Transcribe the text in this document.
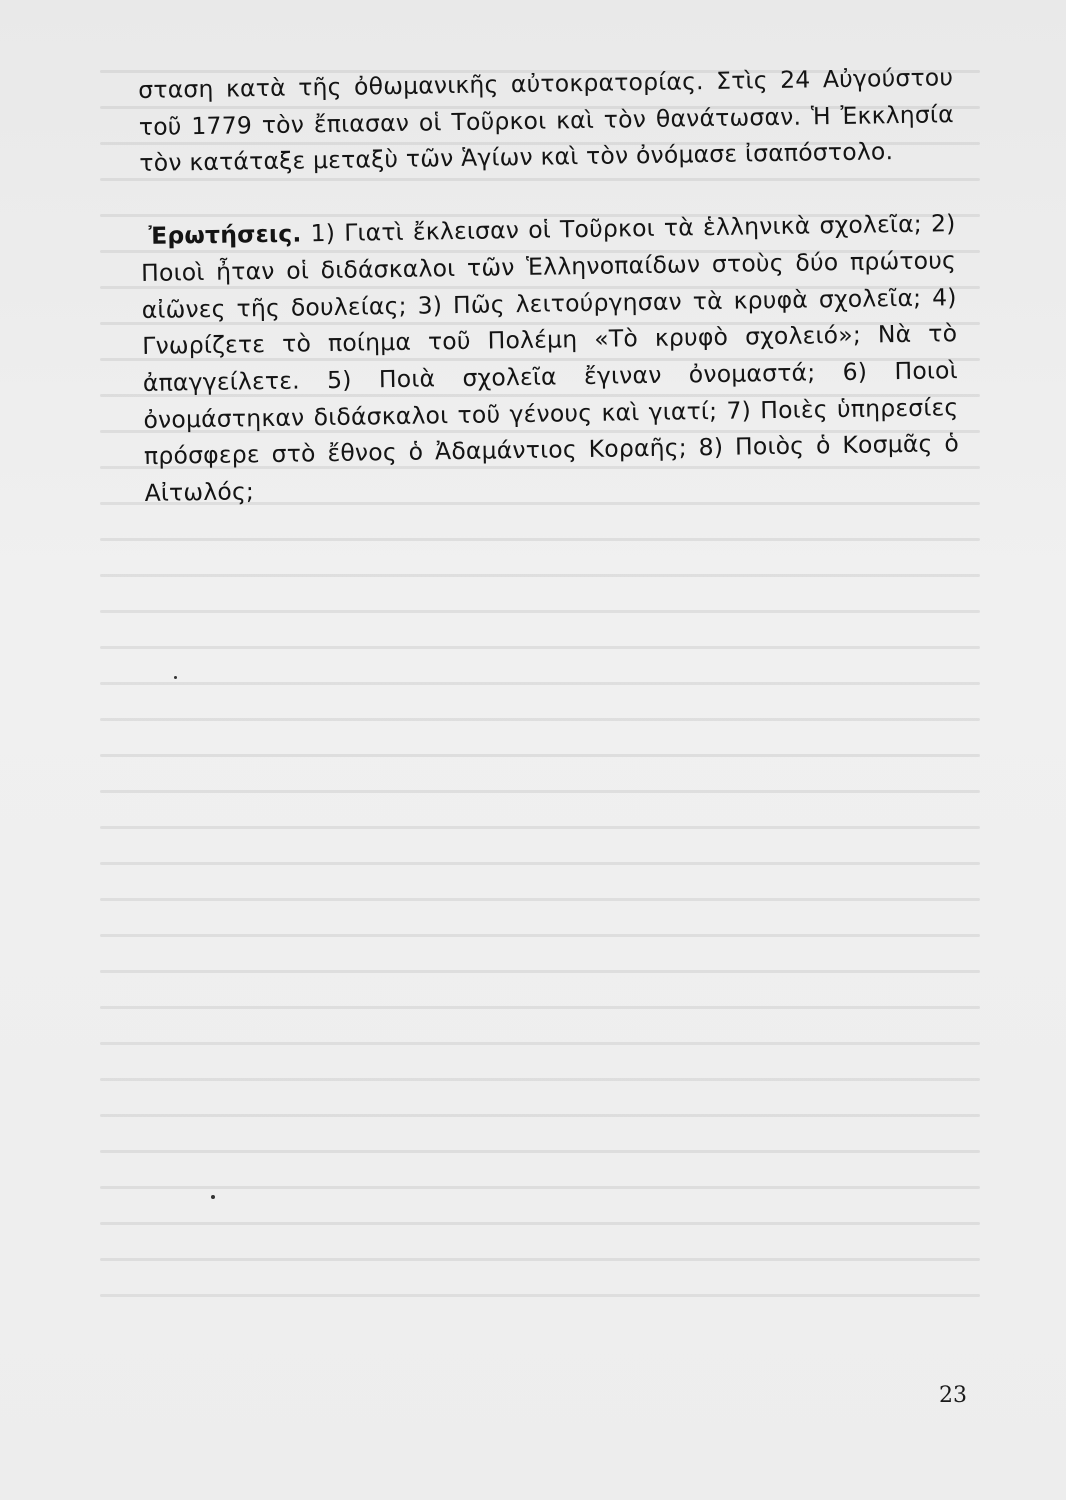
σταση κατὰ τῆς ὀθωμανικῆς αὐτοκρατορίας. Στὶς 24 Αὐγούστου τοῦ 1779 τὸν ἔπιασαν οἱ Τοῦρκοι καὶ τὸν θανάτωσαν. Ἡ Ἐκκλησία τὸν κατάταξε μεταξὺ τῶν Ἁγίων καὶ τὸν ὀνόμασε ἰσαπόστολο.

Ἐρωτήσεις. 1) Γιατὶ ἔκλεισαν οἱ Τοῦρκοι τὰ ἑλληνικὰ σχολεῖα; 2) Ποιοὶ ἦταν οἱ διδάσκαλοι τῶν Ἑλληνοπαίδων στοὺς δύο πρώτους αἰῶνες τῆς δουλείας; 3) Πῶς λειτούργησαν τὰ κρυφὰ σχολεῖα; 4) Γνωρίζετε τὸ ποίημα τοῦ Πολέμη «Τὸ κρυφὸ σχολειό»; Νὰ τὸ ἀπαγγείλετε. 5) Ποιὰ σχολεῖα ἔγιναν ὀνομαστά; 6) Ποιοὶ ὀνομάστηκαν διδάσκαλοι τοῦ γένους καὶ γιατί; 7) Ποιὲς ὑπηρεσίες πρόσφερε στὸ ἔθνος ὁ Ἀδαμάντιος Κοραῆς; 8) Ποιὸς ὁ Κοσμᾶς ὁ Αἰτωλός;

23
